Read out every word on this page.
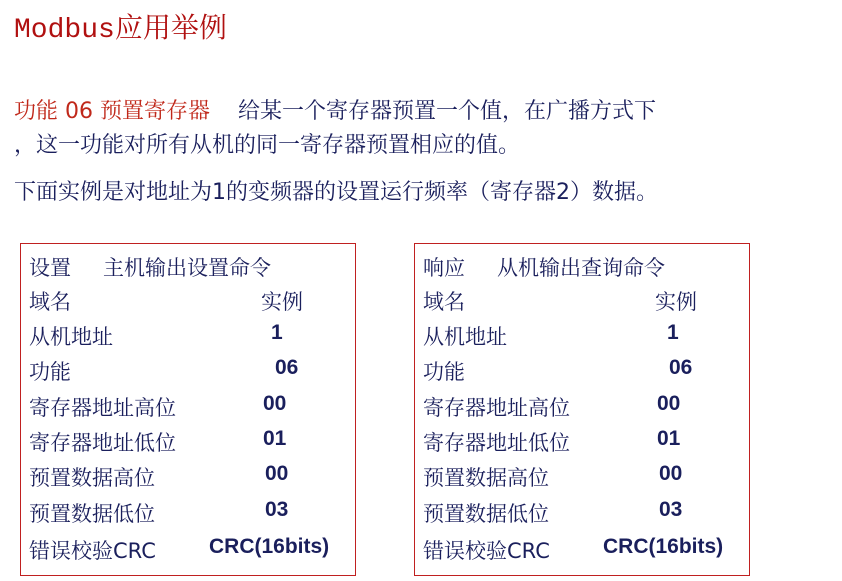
Modbus应用举例

功能 06 预置寄存器 给某一个寄存器预置一个值，在广播方式下

，这一功能对所有从机的同一寄存器预置相应的值。

下面实例是对地址为1的变频器的设置运行频率（寄存器2）数据。

设置 主机输出设置命令
域名	实例
从机地址	1
功能	06
寄存器地址高位	00
寄存器地址低位	01
预置数据高位	00
预置数据低位	03
错误校验CRC	CRC(16bits)
响应 从机输出查询命令
域名	实例
从机地址	1
功能	06
寄存器地址高位	00
寄存器地址低位	01
预置数据高位	00
预置数据低位	03
错误校验CRC	CRC(16bits)
